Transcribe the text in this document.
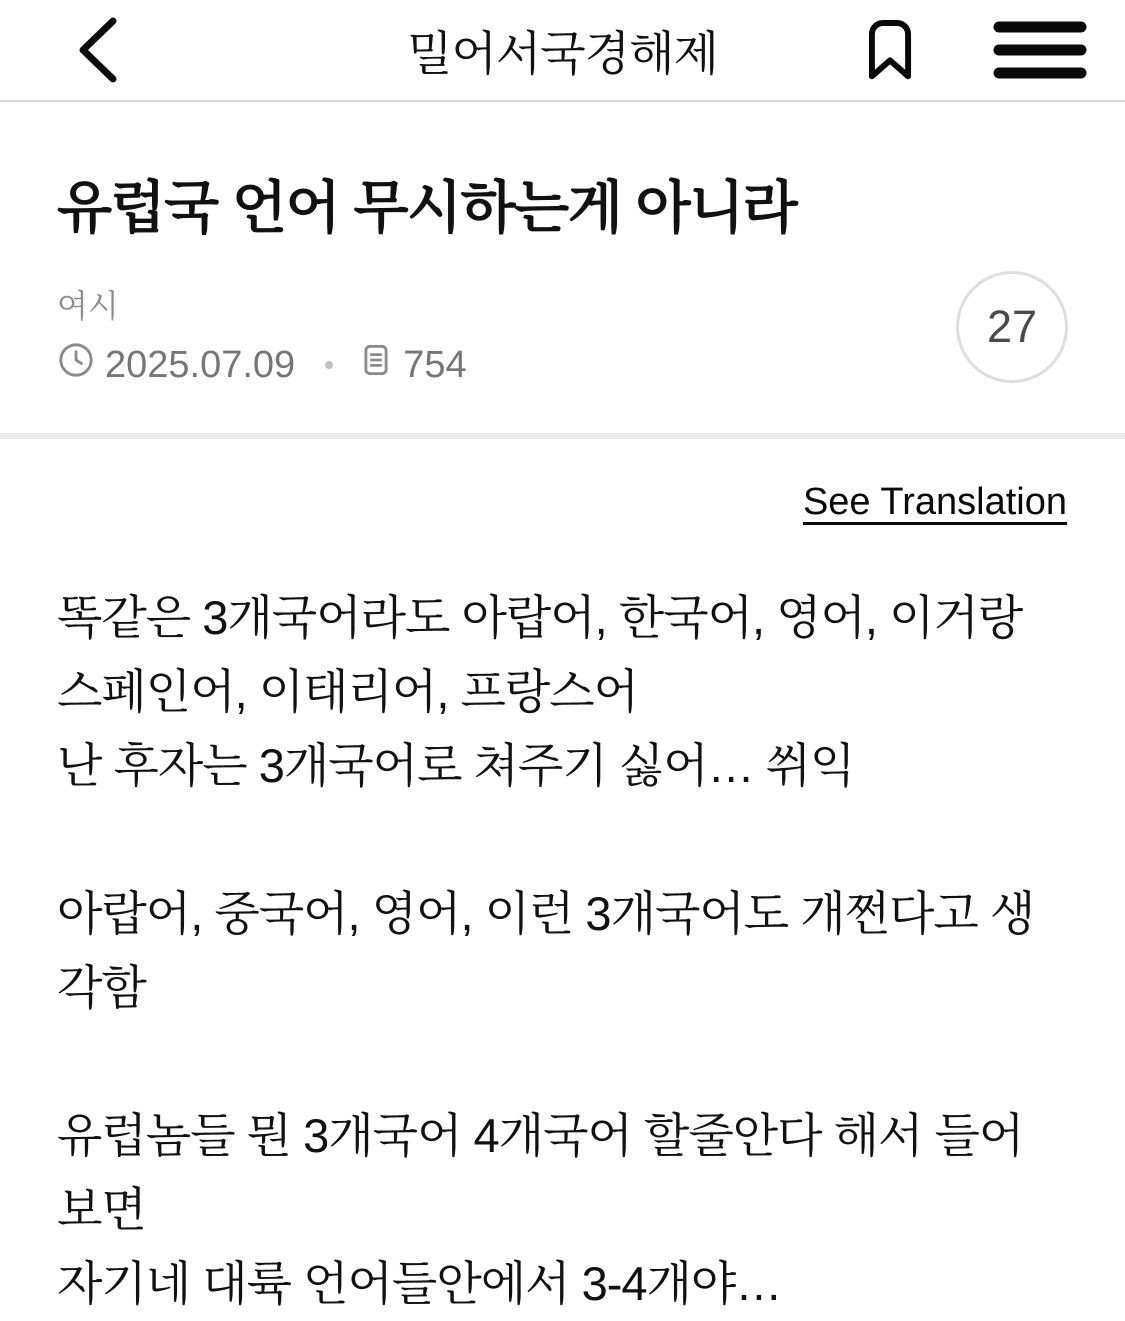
밀어서국경해제
유럽국 언어 무시하는게 아니라
여시
2025.07.09	754
27
See Translation
똑같은 3개국어라도 아랍어, 한국어, 영어, 이거랑
스페인어, 이태리어, 프랑스어
난 후자는 3개국어로 쳐주기 싫어… 쒸익
아랍어, 중국어, 영어, 이런 3개국어도 개쩐다고 생각함
유럽놈들 뭔 3개국어 4개국어 할줄안다 해서 들어보면
자기네 대륙 언어들안에서 3-4개야…
